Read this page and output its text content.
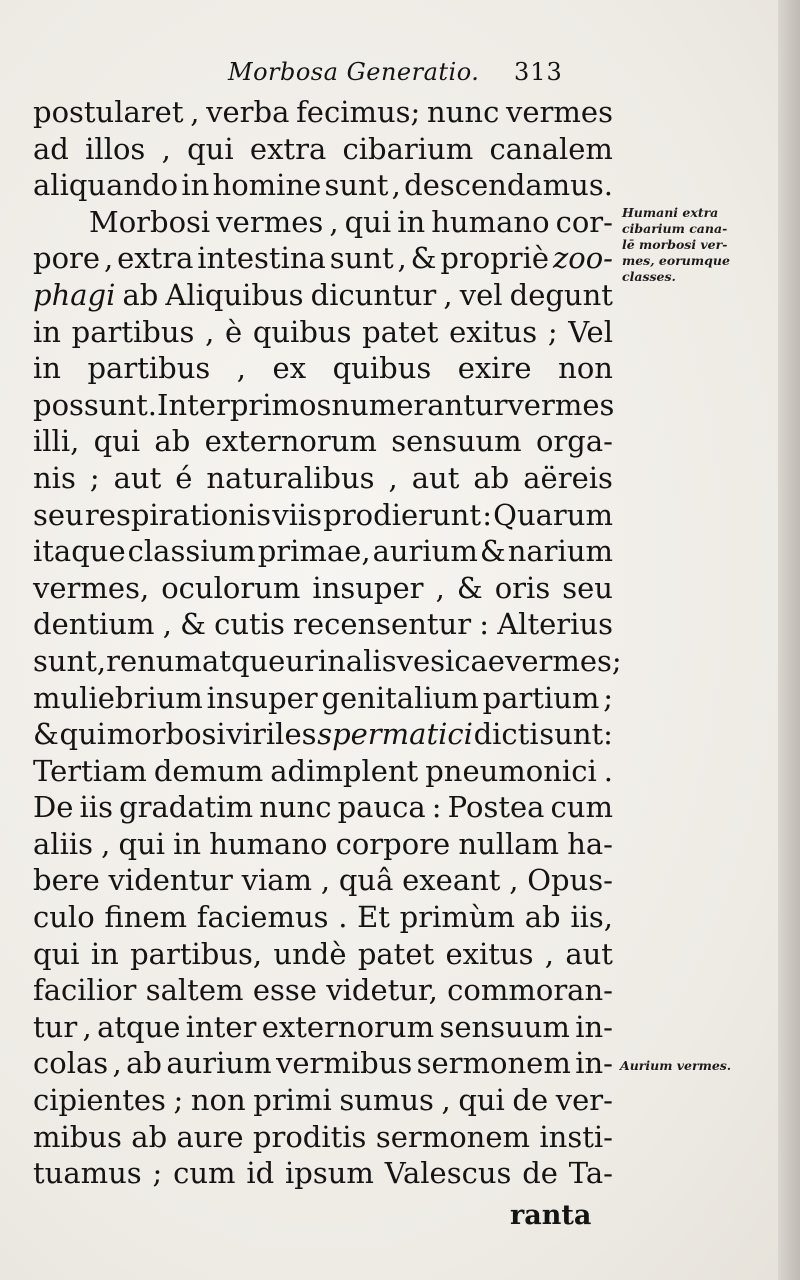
Morbosa Generatio. 313
postularet , verba fecimus; nunc vermes
ad illos , qui extra cibarium canalem
aliquando in homine sunt , descendamus.
Morbosi vermes , qui in humano cor-
pore , extra intestina sunt , & propriè zoo-
phagi ab Aliquibus dicuntur , vel degunt
in partibus , è quibus patet exitus ; Vel
in partibus , ex quibus exire non
possunt . Inter primos numerantur vermes
illi, qui ab externorum sensuum orga-
nis ; aut é naturalibus , aut ab aëreis
seu respirationis viis prodierunt : Quarum
itaque classium primae, aurium & narium
vermes, oculorum insuper , & oris seu
dentium , & cutis recensentur : Alterius
sunt , renum atque urinalis vesicae vermes;
muliebrium insuper genitalium partium ;
& qui morbosi viriles spermatici dicti sunt:
Tertiam demum adimplent pneumonici .
De iis gradatim nunc pauca : Postea cum
aliis , qui in humano corpore nullam ha-
bere videntur viam , quâ exeant , Opus-
culo finem faciemus . Et primùm ab iis,
qui in partibus, undè patet exitus , aut
facilior saltem esse videtur, commoran-
tur , atque inter externorum sensuum in-
colas , ab aurium vermibus sermonem in-
cipientes ; non primi sumus , qui de ver-
mibus ab aure proditis sermonem insti-
tuamus ; cum id ipsum Valescus de Ta-
ranta
Humani extra
cibarium cana-
lē morbosi ver-
mes, eorumque
classes.
Aurium vermes.
